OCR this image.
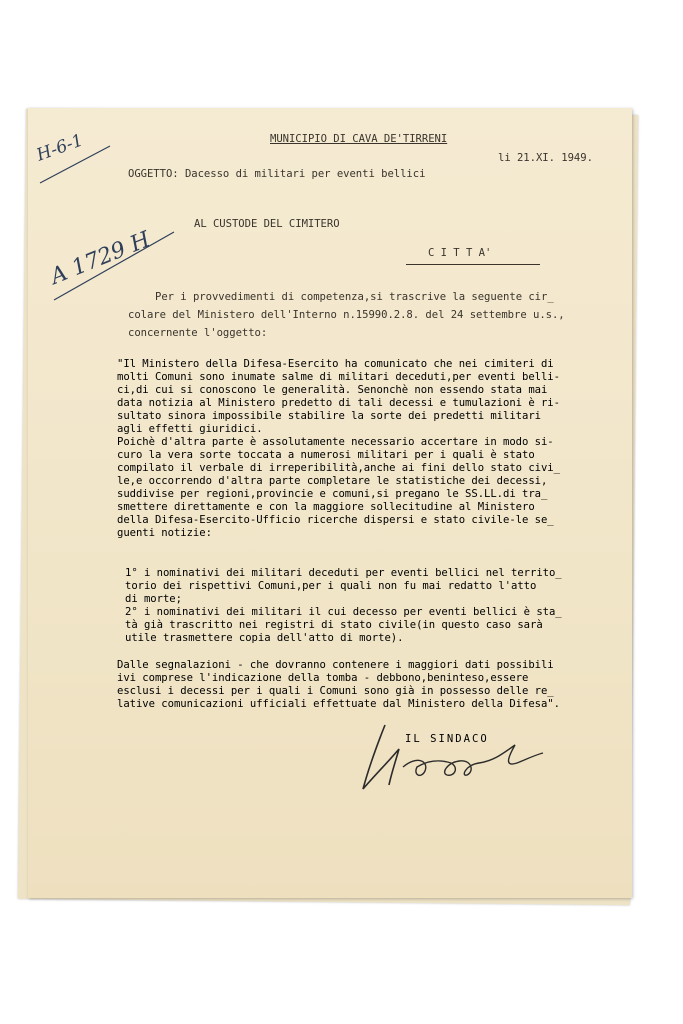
H-6-1
A 1729 H
MUNICIPIO DI CAVA DE'TIRRENI
li 21.XI. 1949.
OGGETTO: Dacesso di militari per eventi bellici
AL CUSTODE DEL CIMITERO
C I T T A'
Per i provvedimenti di competenza,si trascrive la seguente cir_
colare del Ministero dell'Interno n.15990.2.8. del 24 settembre u.s.,
concernente l'oggetto:
"Il Ministero della Difesa-Esercito ha comunicato che nei cimiteri di
molti Comuni sono inumate salme di militari deceduti,per eventi belli-
ci,di cui si conoscono le generalità. Senonchè non essendo stata mai
data notizia al Ministero predetto di tali decessi e tumulazioni è ri-
sultato sinora impossibile stabilire la sorte dei predetti militari
agli effetti giuridici.
Poichè d'altra parte è assolutamente necessario accertare in modo si-
curo la vera sorte toccata a numerosi militari per i quali è stato
compilato il verbale di irreperibilità,anche ai fini dello stato civi_
le,e occorrendo d'altra parte completare le statistiche dei decessi,
suddivise per regioni,provincie e comuni,si pregano le SS.LL.di tra_
smettere direttamente e con la maggiore sollecitudine al Ministero
della Difesa-Esercito-Ufficio ricerche dispersi e stato civile-le se_
guenti notizie:
1° i nominativi dei militari deceduti per eventi bellici nel territo_
torio dei rispettivi Comuni,per i quali non fu mai redatto l'atto
di morte;
2° i nominativi dei militari il cui decesso per eventi bellici è sta_
tà già trascritto nei registri di stato civile(in questo caso sarà
utile trasmettere copia dell'atto di morte).
Dalle segnalazioni - che dovranno contenere i maggiori dati possibili
ivi comprese l'indicazione della tomba - debbono,beninteso,essere
esclusi i decessi per i quali i Comuni sono già in possesso delle re_
lative comunicazioni ufficiali effettuate dal Ministero della Difesa".
IL SINDACO
